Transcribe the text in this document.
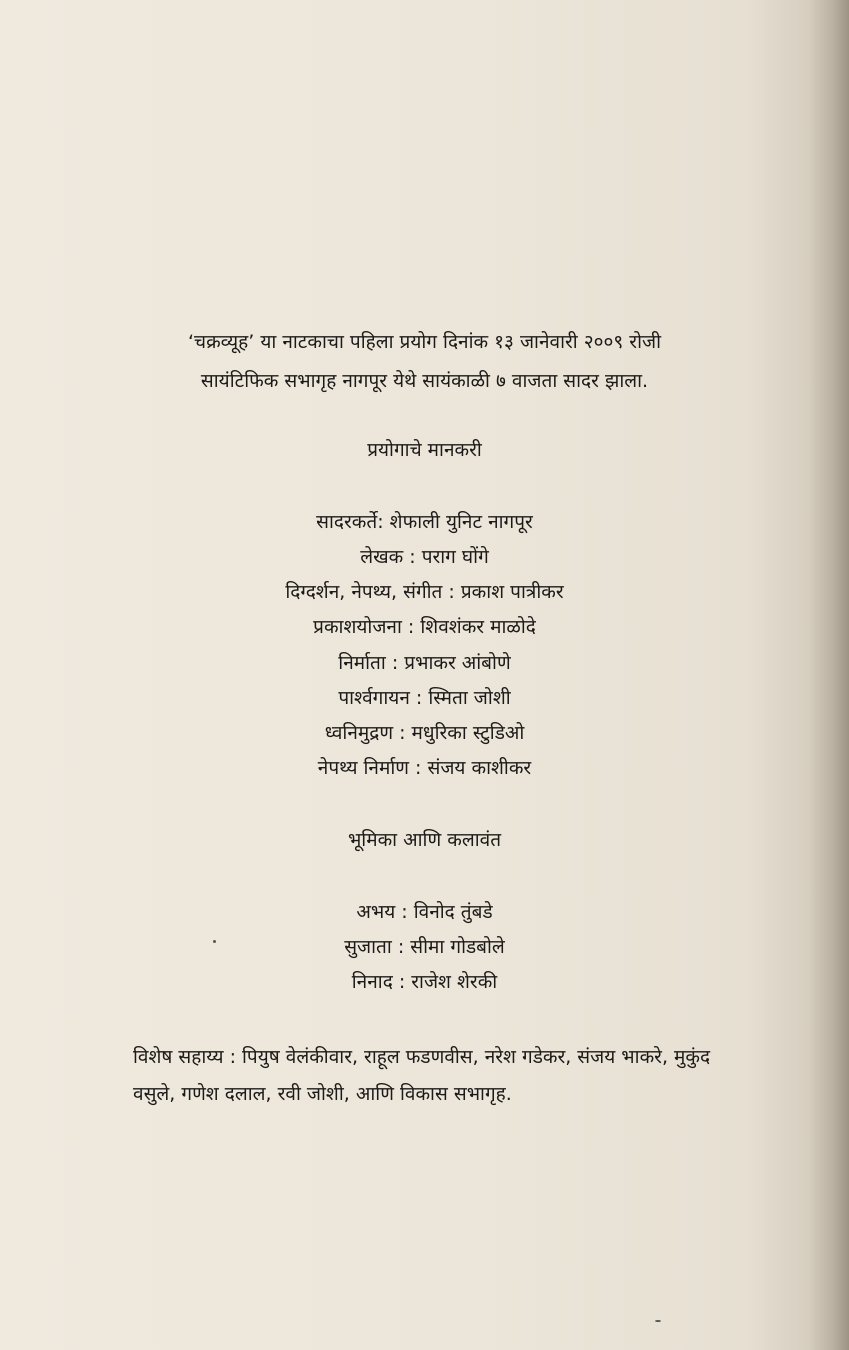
‘चक्रव्यूह’ या नाटकाचा पहिला प्रयोग दिनांक १३ जानेवारी २००९ रोजी
सायंटिफिक सभागृह नागपूर येथे सायंकाळी ७ वाजता सादर झाला.
प्रयोगाचे मानकरी
सादरकर्ते: शेफाली युनिट नागपूर
लेखक : पराग घोंगे
दिग्दर्शन, नेपथ्य, संगीत : प्रकाश पात्रीकर
प्रकाशयोजना : शिवशंकर माळोदे
निर्माता : प्रभाकर आंबोणे
पार्श्वगायन : स्मिता जोशी
ध्वनिमुद्रण : मधुरिका स्टुडिओ
नेपथ्य निर्माण : संजय काशीकर
भूमिका आणि कलावंत
अभय : विनोद तुंबडे
सुजाता : सीमा गोडबोले
निनाद : राजेश शेरकी
विशेष सहाय्य : पियुष वेलंकीवार, राहूल फडणवीस, नरेश गडेकर, संजय भाकरे, मुकुंद
वसुले, गणेश दलाल, रवी जोशी, आणि विकास सभागृह.
